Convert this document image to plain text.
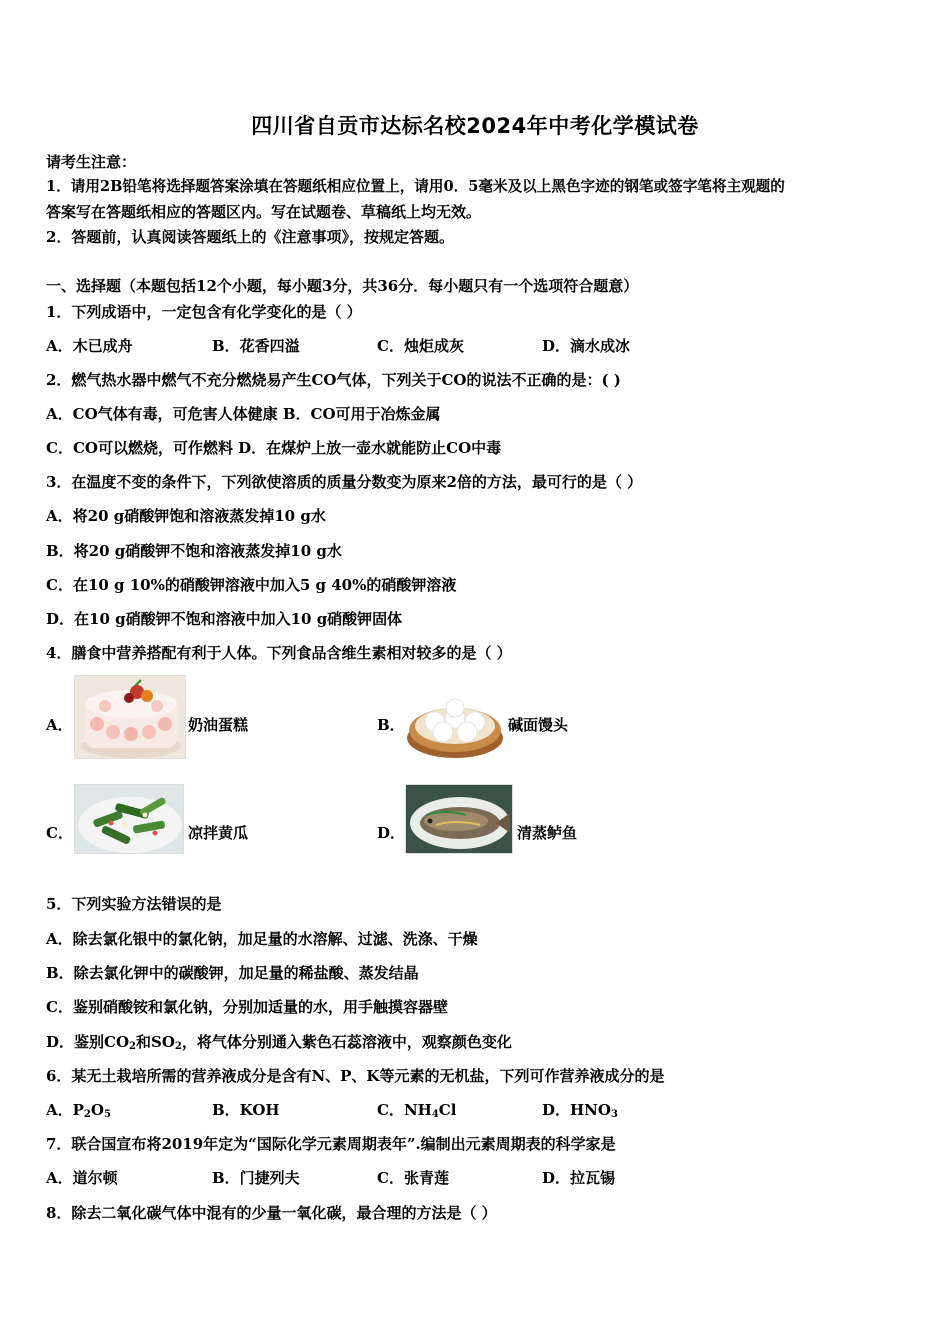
四川省自贡市达标名校2024年中考化学模试卷
请考生注意：
1．请用2B铅笔将选择题答案涂填在答题纸相应位置上，请用0．5毫米及以上黑色字迹的钢笔或签字笔将主观题的
答案写在答题纸相应的答题区内。写在试题卷、草稿纸上均无效。
2．答题前，认真阅读答题纸上的《注意事项》，按规定答题。
一、选择题（本题包括12个小题，每小题3分，共36分．每小题只有一个选项符合题意）
1．下列成语中，一定包含有化学变化的是（ ）
A．木已成舟	B．花香四溢	C．烛炬成灰	D．滴水成冰
2．燃气热水器中燃气不充分燃烧易产生CO气体，下列关于CO的说法不正确的是：( )
A．CO气体有毒，可危害人体健康 B．CO可用于冶炼金属
C．CO可以燃烧，可作燃料 D．在煤炉上放一壶水就能防止CO中毒
3．在温度不变的条件下，下列欲使溶质的质量分数变为原来2倍的方法，最可行的是（ ）
A．将20 g硝酸钾饱和溶液蒸发掉10 g水
B．将20 g硝酸钾不饱和溶液蒸发掉10 g水
C．在10 g 10%的硝酸钾溶液中加入5 g 40%的硝酸钾溶液
D．在10 g硝酸钾不饱和溶液中加入10 g硝酸钾固体
4．膳食中营养搭配有利于人体。下列食品含维生素相对较多的是（ ）
A．	奶油蛋糕	B．	碱面馒头
C．	凉拌黄瓜	D．	清蒸鲈鱼
5．下列实验方法错误的是
A．除去氯化银中的氯化钠，加足量的水溶解、过滤、洗涤、干燥
B．除去氯化钾中的碳酸钾，加足量的稀盐酸、蒸发结晶
C．鉴别硝酸铵和氯化钠，分别加适量的水，用手触摸容器壁
D．鉴别$CO_2$和$SO_2$，将气体分别通入紫色石蕊溶液中，观察颜色变化
6．某无土栽培所需的营养液成分是含有N、P、K等元素的无机盐，下列可作营养液成分的是
A．$P_2O_5$	B．KOH	C．$NH_4Cl$	D．$HNO_3$
7．联合国宣布将2019年定为“国际化学元素周期表年”.编制出元素周期表的科学家是
A．道尔顿	B．门捷列夫	C．张青莲	D．拉瓦锡
8．除去二氧化碳气体中混有的少量一氧化碳，最合理的方法是（ ）
